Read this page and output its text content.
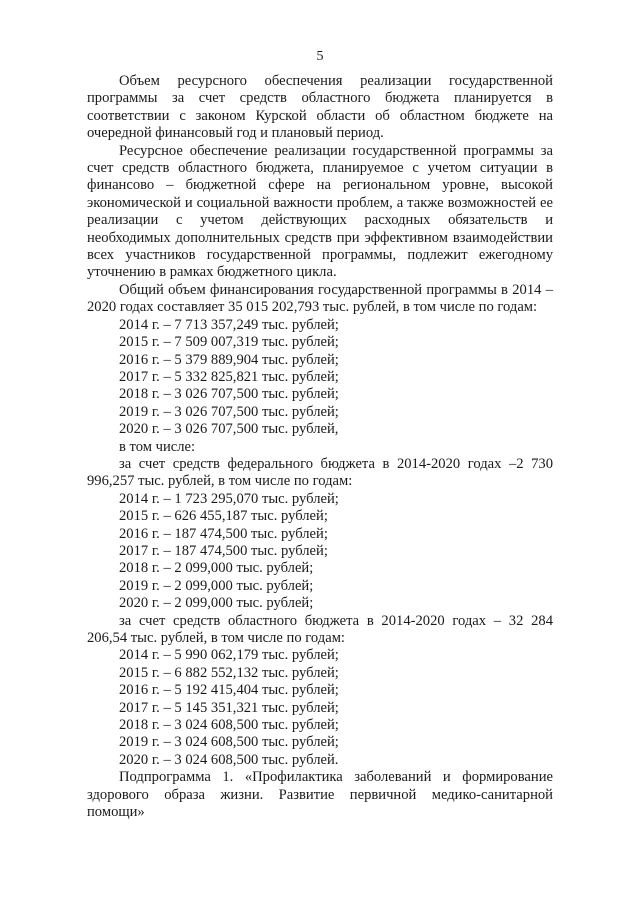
5

Объем ресурсного обеспечения реализации государственной программы за счет средств областного бюджета планируется в соответствии с законом Курской области об областном бюджете на очередной финансовый год и плановый период.

Ресурсное обеспечение реализации государственной программы за счет средств областного бюджета, планируемое с учетом ситуации в финансово – бюджетной сфере на региональном уровне, высокой экономической и социальной важности проблем, а также возможностей ее реализации с учетом действующих расходных обязательств и необходимых дополнительных средств при эффективном взаимодействии всех участников государственной программы, подлежит ежегодному уточнению в рамках бюджетного цикла.

Общий объем финансирования государственной программы в 2014 – 2020 годах составляет 35 015 202,793 тыс. рублей, в том числе по годам:

2014 г. – 7 713 357,249 тыс. рублей;

2015 г. – 7 509 007,319 тыс. рублей;

2016 г. – 5 379 889,904 тыс. рублей;

2017 г. – 5 332 825,821 тыс. рублей;

2018 г. – 3 026 707,500 тыс. рублей;

2019 г. – 3 026 707,500 тыс. рублей;

2020 г. – 3 026 707,500 тыс. рублей,

в том числе:

за счет средств федерального бюджета в 2014-2020 годах –2 730 996,257 тыс. рублей, в том числе по годам:

2014 г. – 1 723 295,070 тыс. рублей;

2015 г. – 626 455,187 тыс. рублей;

2016 г. – 187 474,500 тыс. рублей;

2017 г. – 187 474,500 тыс. рублей;

2018 г. – 2 099,000 тыс. рублей;

2019 г. – 2 099,000 тыс. рублей;

2020 г. – 2 099,000 тыс. рублей;

за счет средств областного бюджета в 2014-2020 годах – 32 284 206,54 тыс. рублей, в том числе по годам:

2014 г. – 5 990 062,179 тыс. рублей;

2015 г. – 6 882 552,132 тыс. рублей;

2016 г. – 5 192 415,404 тыс. рублей;

2017 г. – 5 145 351,321 тыс. рублей;

2018 г. – 3 024 608,500 тыс. рублей;

2019 г. – 3 024 608,500 тыс. рублей;

2020 г. – 3 024 608,500 тыс. рублей.

Подпрограмма 1. «Профилактика заболеваний и формирование здорового образа жизни. Развитие первичной медико-санитарной помощи»
